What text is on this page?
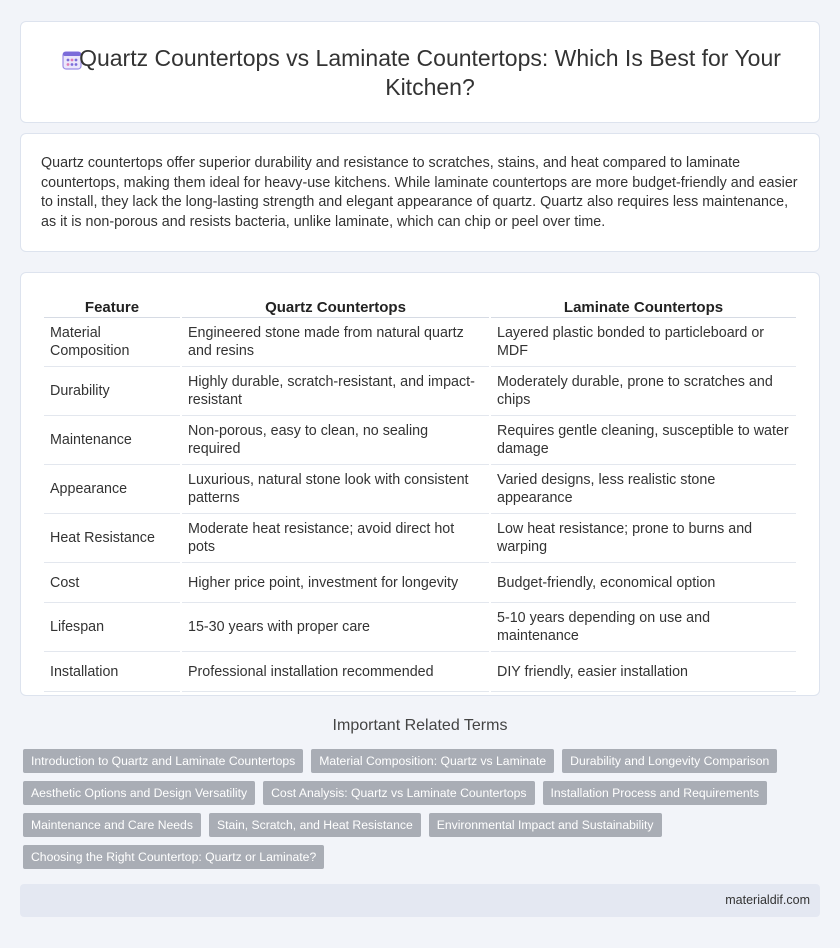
Quartz Countertops vs Laminate Countertops: Which Is Best for Your Kitchen?

Quartz countertops offer superior durability and resistance to scratches, stains, and heat compared to laminate countertops, making them ideal for heavy-use kitchens. While laminate countertops are more budget-friendly and easier to install, they lack the long-lasting strength and elegant appearance of quartz. Quartz also requires less maintenance, as it is non-porous and resists bacteria, unlike laminate, which can chip or peel over time.

Feature	Quartz Countertops	Laminate Countertops
Material Composition	Engineered stone made from natural quartz and resins	Layered plastic bonded to particleboard or MDF
Durability	Highly durable, scratch-resistant, and impact-resistant	Moderately durable, prone to scratches and chips
Maintenance	Non-porous, easy to clean, no sealing required	Requires gentle cleaning, susceptible to water damage
Appearance	Luxurious, natural stone look with consistent patterns	Varied designs, less realistic stone appearance
Heat Resistance	Moderate heat resistance; avoid direct hot pots	Low heat resistance; prone to burns and warping
Cost	Higher price point, investment for longevity	Budget-friendly, economical option
Lifespan	15-30 years with proper care	5-10 years depending on use and maintenance
Installation	Professional installation recommended	DIY friendly, easier installation
Important Related Terms
Introduction to Quartz and Laminate Countertops	Material Composition: Quartz vs Laminate	Durability and Longevity Comparison
Aesthetic Options and Design Versatility	Cost Analysis: Quartz vs Laminate Countertops	Installation Process and Requirements
Maintenance and Care Needs	Stain, Scratch, and Heat Resistance	Environmental Impact and Sustainability
Choosing the Right Countertop: Quartz or Laminate?
materialdif.com
